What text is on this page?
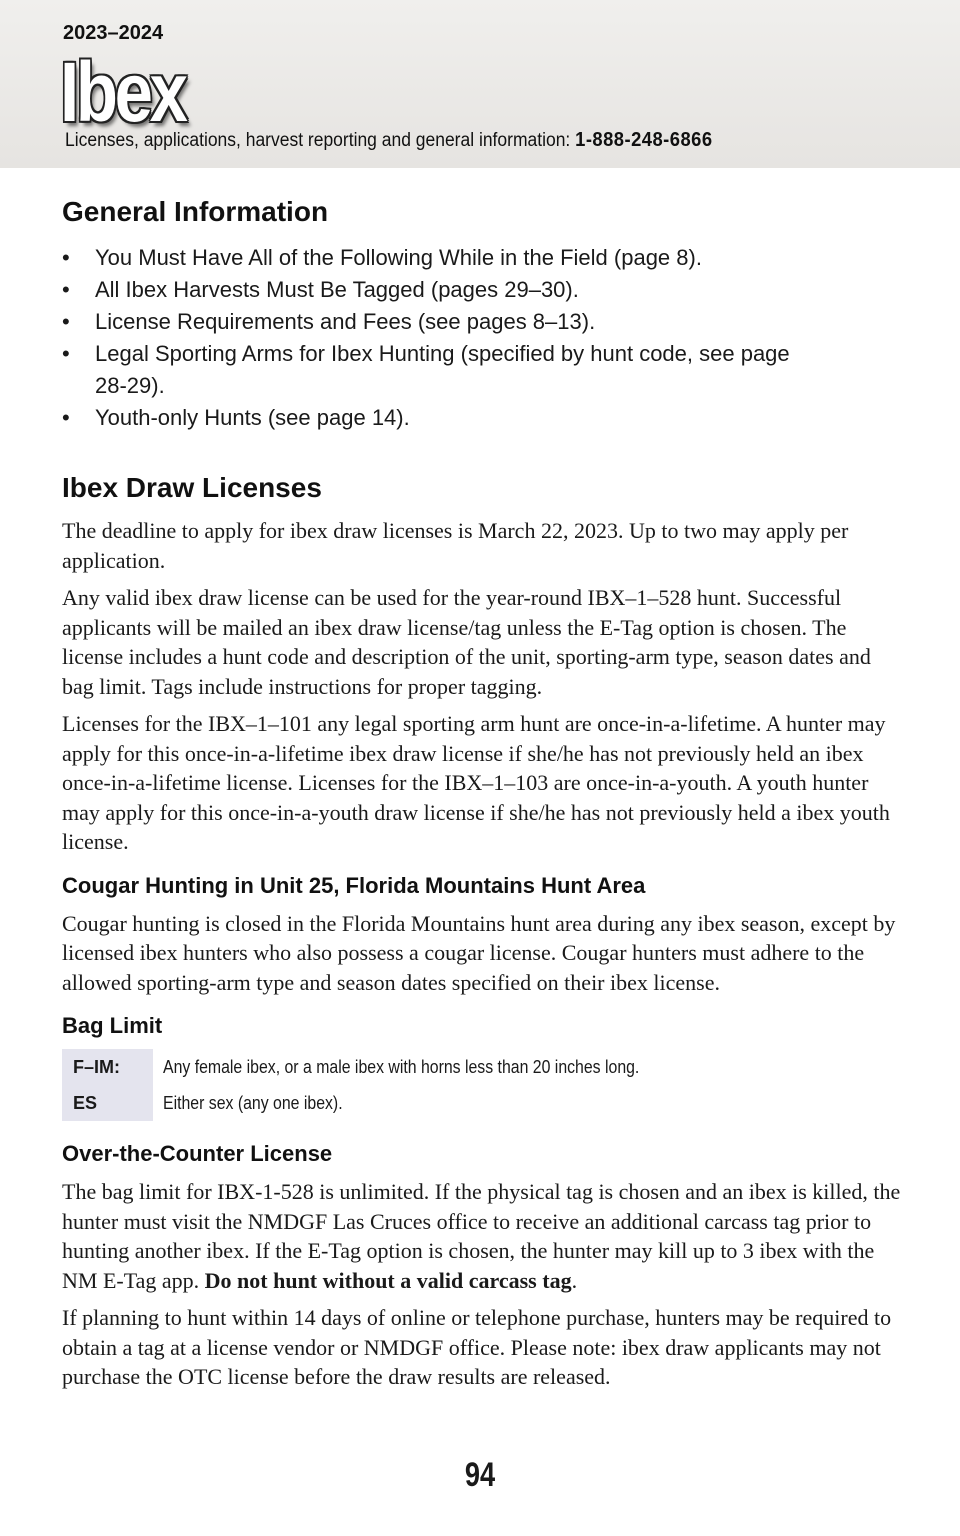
2023–2024
Ibex
Licenses, applications, harvest reporting and general information: 1-888-248-6866
General Information
• You Must Have All of the Following While in the Field (page 8).
• All Ibex Harvests Must Be Tagged (pages 29–30).
• License Requirements and Fees (see pages 8–13).
• Legal Sporting Arms for Ibex Hunting (specified by hunt code, see page 28-29).
• Youth-only Hunts (see page 14).
Ibex Draw Licenses

The deadline to apply for ibex draw licenses is March 22, 2023. Up to two may apply per application.

Any valid ibex draw license can be used for the year-round IBX–1–528 hunt. Successful applicants will be mailed an ibex draw license/tag unless the E-Tag option is chosen. The license includes a hunt code and description of the unit, sporting-arm type, season dates and bag limit. Tags include instructions for proper tagging.

Licenses for the IBX–1–101 any legal sporting arm hunt are once-in-a-lifetime. A hunter may apply for this once-in-a-lifetime ibex draw license if she/he has not previously held an ibex once-in-a-lifetime license. Licenses for the IBX–1–103 are once-in-a-youth. A youth hunter may apply for this once-in-a-youth draw license if she/he has not previously held a ibex youth license.

Cougar Hunting in Unit 25, Florida Mountains Hunt Area

Cougar hunting is closed in the Florida Mountains hunt area during any ibex season, except by licensed ibex hunters who also possess a cougar license. Cougar hunters must adhere to the allowed sporting-arm type and season dates specified on their ibex license.

Bag Limit
F–IM:	Any female ibex, or a male ibex with horns less than 20 inches long.
ES	Either sex (any one ibex).
Over-the-Counter License

The bag limit for IBX-1-528 is unlimited. If the physical tag is chosen and an ibex is killed, the hunter must visit the NMDGF Las Cruces office to receive an additional carcass tag prior to hunting another ibex. If the E-Tag option is chosen, the hunter may kill up to 3 ibex with the NM E-Tag app. Do not hunt without a valid carcass tag.

If planning to hunt within 14 days of online or telephone purchase, hunters may be required to obtain a tag at a license vendor or NMDGF office. Please note: ibex draw applicants may not purchase the OTC license before the draw results are released.

94
